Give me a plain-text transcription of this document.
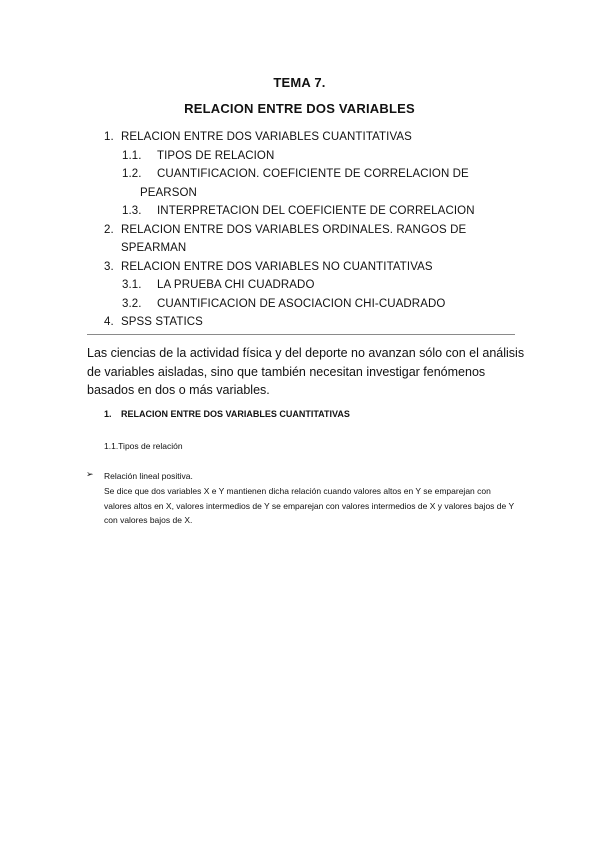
TEMA 7.
RELACION ENTRE DOS VARIABLES
1. RELACION ENTRE DOS VARIABLES CUANTITATIVAS
1.1. TIPOS DE RELACION
1.2. CUANTIFICACION. COEFICIENTE DE CORRELACION DE
PEARSON
1.3. INTERPRETACION DEL COEFICIENTE DE CORRELACION
2. RELACION ENTRE DOS VARIABLES ORDINALES. RANGOS DE
SPEARMAN
3. RELACION ENTRE DOS VARIABLES NO CUANTITATIVAS
3.1. LA PRUEBA CHI CUADRADO
3.2. CUANTIFICACION DE ASOCIACION CHI-CUADRADO
4. SPSS STATICS
Las ciencias de la actividad física y del deporte no avanzan sólo con el análisis de variables aisladas, sino que también necesitan investigar fenómenos basados en dos o más variables.
1. RELACION ENTRE DOS VARIABLES CUANTITATIVAS
1.1.Tipos de relación
➢ Relación lineal positiva.
Se dice que dos variables X e Y mantienen dicha relación cuando valores altos en Y se emparejan con valores altos en X, valores intermedios de Y se emparejan con valores intermedios de X y valores bajos de Y con valores bajos de X.
